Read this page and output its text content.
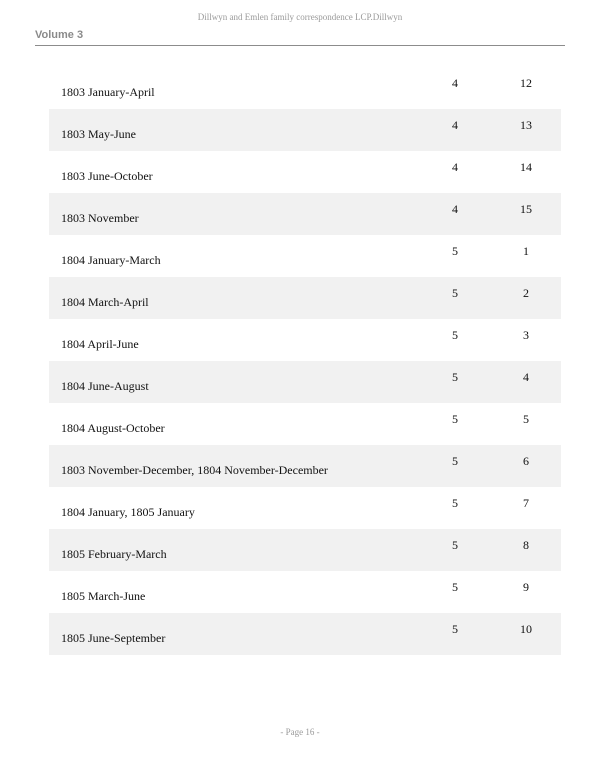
Dillwyn and Emlen family correspondence LCP.Dillwyn
Volume 3
1803 January-April
4	12
1803 May-June
4	13
1803 June-October
4	14
1803 November
4	15
1804 January-March
5	1
1804 March-April
5	2
1804 April-June
5	3
1804 June-August
5	4
1804 August-October
5	5
1803 November-December, 1804 November-December
5	6
1804 January, 1805 January
5	7
1805 February-March
5	8
1805 March-June
5	9
1805 June-September
5	10
- Page 16 -
